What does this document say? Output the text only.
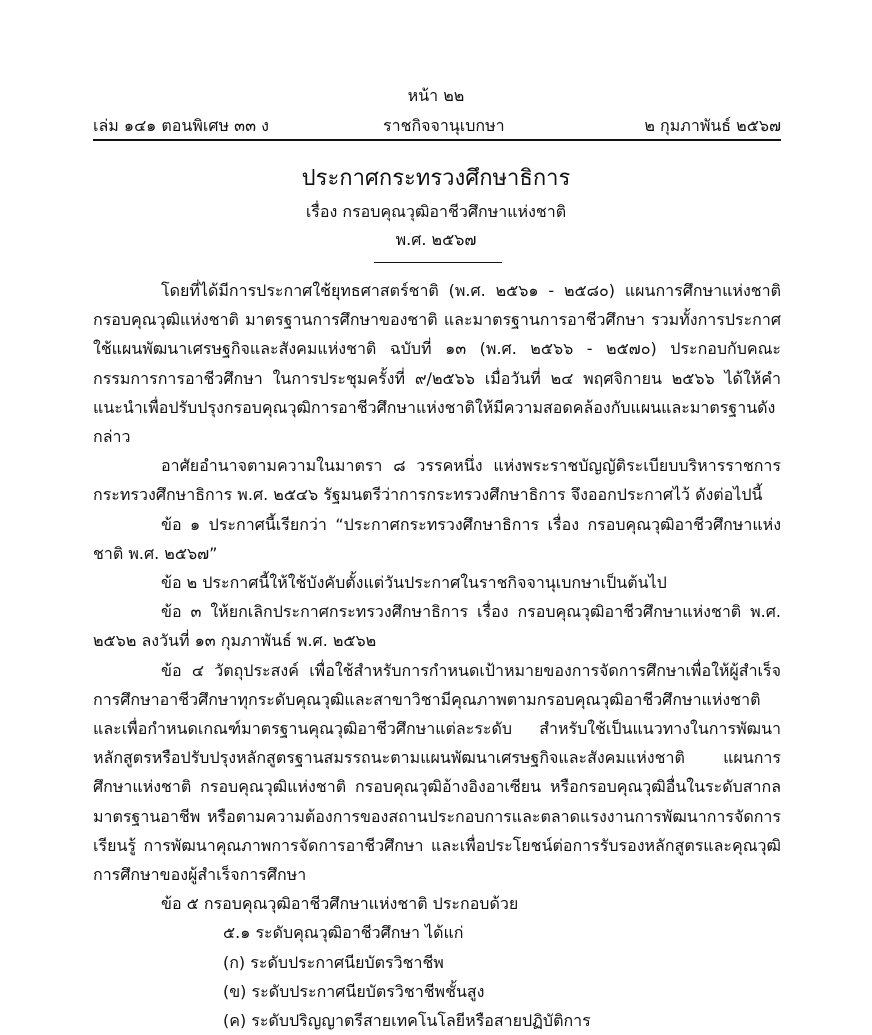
หน้า ๒๒
เล่ม ๑๔๑ ตอนพิเศษ ๓๓ ง	ราชกิจจานุเบกษา	๒ กุมภาพันธ์ ๒๕๖๗
ประกาศกระทรวงศึกษาธิการ
เรื่อง กรอบคุณวุฒิอาชีวศึกษาแห่งชาติ
พ.ศ. ๒๕๖๗

โดยที่ได้มีการประกาศใช้ยุทธศาสตร์ชาติ (พ.ศ. ๒๕๖๑ - ๒๕๘๐) แผนการศึกษาแห่งชาติ กรอบคุณวุฒิแห่งชาติ มาตรฐานการศึกษาของชาติ และมาตรฐานการอาชีวศึกษา รวมทั้งการประกาศใช้แผนพัฒนาเศรษฐกิจและสังคมแห่งชาติ ฉบับที่ ๑๓ (พ.ศ. ๒๕๖๖ - ๒๕๗๐) ประกอบกับคณะกรรมการการอาชีวศึกษา ในการประชุมครั้งที่ ๙/๒๕๖๖ เมื่อวันที่ ๒๔ พฤศจิกายน ๒๕๖๖ ได้ให้คำแนะนำเพื่อปรับปรุงกรอบคุณวุฒิการอาชีวศึกษาแห่งชาติให้มีความสอดคล้องกับแผนและมาตรฐานดังกล่าว

อาศัยอำนาจตามความในมาตรา ๘ วรรคหนึ่ง แห่งพระราชบัญญัติระเบียบบริหารราชการกระทรวงศึกษาธิการ พ.ศ. ๒๕๔๖ รัฐมนตรีว่าการกระทรวงศึกษาธิการ จึงออกประกาศไว้ ดังต่อไปนี้

ข้อ ๑ ประกาศนี้เรียกว่า “ประกาศกระทรวงศึกษาธิการ เรื่อง กรอบคุณวุฒิอาชีวศึกษาแห่งชาติ พ.ศ. ๒๕๖๗”

ข้อ ๒ ประกาศนี้ให้ใช้บังคับตั้งแต่วันประกาศในราชกิจจานุเบกษาเป็นต้นไป

ข้อ ๓ ให้ยกเลิกประกาศกระทรวงศึกษาธิการ เรื่อง กรอบคุณวุฒิอาชีวศึกษาแห่งชาติ พ.ศ. ๒๕๖๒ ลงวันที่ ๑๓ กุมภาพันธ์ พ.ศ. ๒๕๖๒

ข้อ ๔ วัตถุประสงค์ เพื่อใช้สำหรับการกำหนดเป้าหมายของการจัดการศึกษาเพื่อให้ผู้สำเร็จการศึกษาอาชีวศึกษาทุกระดับคุณวุฒิและสาขาวิชามีคุณภาพตามกรอบคุณวุฒิอาชีวศึกษาแห่งชาติ และเพื่อกำหนดเกณฑ์มาตรฐานคุณวุฒิอาชีวศึกษาแต่ละระดับ สำหรับใช้เป็นแนวทางในการพัฒนาหลักสูตรหรือปรับปรุงหลักสูตรฐานสมรรถนะตามแผนพัฒนาเศรษฐกิจและสังคมแห่งชาติ แผนการศึกษาแห่งชาติ กรอบคุณวุฒิแห่งชาติ กรอบคุณวุฒิอ้างอิงอาเซียน หรือกรอบคุณวุฒิอื่นในระดับสากล มาตรฐานอาชีพ หรือตามความต้องการของสถานประกอบการและตลาดแรงงานการพัฒนาการจัดการเรียนรู้ การพัฒนาคุณภาพการจัดการอาชีวศึกษา และเพื่อประโยชน์ต่อการรับรองหลักสูตรและคุณวุฒิการศึกษาของผู้สำเร็จการศึกษา

ข้อ ๕ กรอบคุณวุฒิอาชีวศึกษาแห่งชาติ ประกอบด้วย

๕.๑ ระดับคุณวุฒิอาชีวศึกษา ได้แก่

(ก) ระดับประกาศนียบัตรวิชาชีพ

(ข) ระดับประกาศนียบัตรวิชาชีพชั้นสูง

(ค) ระดับปริญญาตรีสายเทคโนโลยีหรือสายปฏิบัติการ
